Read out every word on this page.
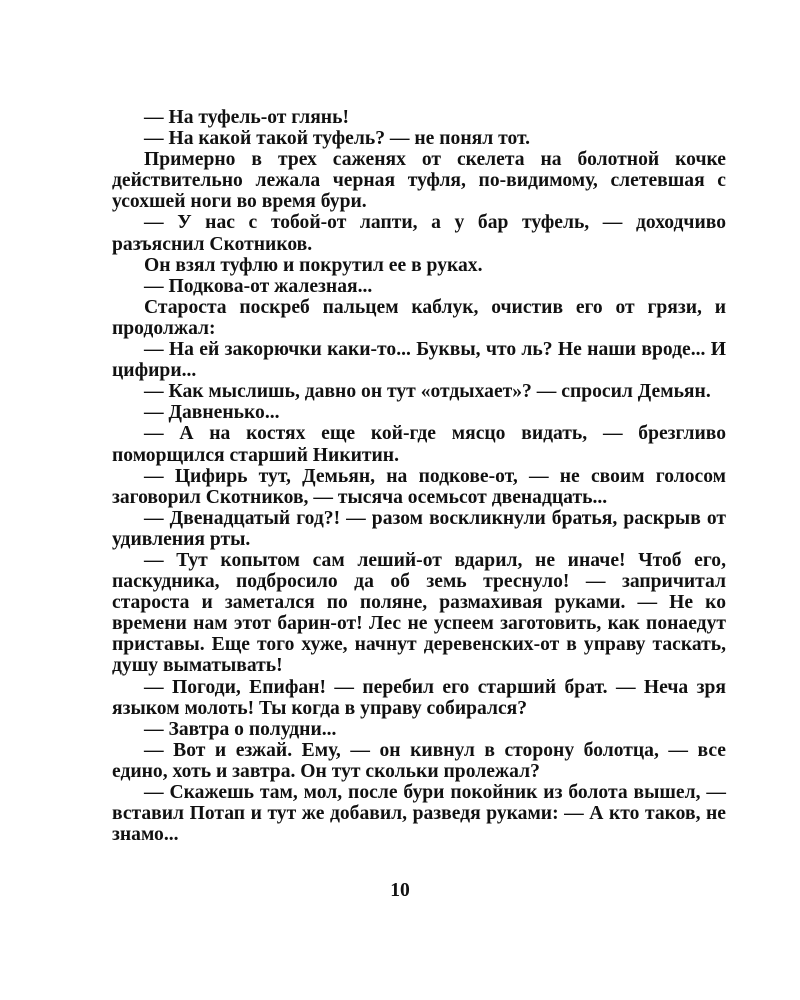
— На туфель-от глянь!

— На какой такой туфель? — не понял тот.

Примерно в трех саженях от скелета на болотной кочке действительно лежала черная туфля, по-видимому, слетевшая с усохшей ноги во время бури.

— У нас с тобой-от лапти, а у бар туфель, — доходчиво разъяснил Скотников.

Он взял туфлю и покрутил ее в руках.

— Подкова-от жалезная...

Староста поскреб пальцем каблук, очистив его от грязи, и продолжал:

— На ей закорючки каки-то... Буквы, что ль? Не наши вроде... И цифири...

— Как мыслишь, давно он тут «отдыхает»? — спросил Демьян.

— Давненько...

— А на костях еще кой-где мясцо видать, — брезгливо поморщился старший Никитин.

— Цифирь тут, Демьян, на подкове-от, — не своим голосом заговорил Скотников, — тысяча осемьсот двенадцать...

— Двенадцатый год?! — разом воскликнули братья, раскрыв от удивления рты.

— Тут копытом сам леший-от вдарил, не иначе! Чтоб его, паскудника, подбросило да об земь треснуло! — запричитал староста и заметался по поляне, размахивая руками. — Не ко времени нам этот барин-от! Лес не успеем заготовить, как понаедут приставы. Еще того хуже, начнут деревенских-от в управу таскать, душу выматывать!

— Погоди, Епифан! — перебил его старший брат. — Неча зря языком молоть! Ты когда в управу собирался?

— Завтра о полудни...

— Вот и езжай. Ему, — он кивнул в сторону болотца, — все едино, хоть и завтра. Он тут скольки пролежал?

— Скажешь там, мол, после бури покойник из болота вышел, — вставил Потап и тут же добавил, разведя руками: — А кто таков, не знамо...

10
